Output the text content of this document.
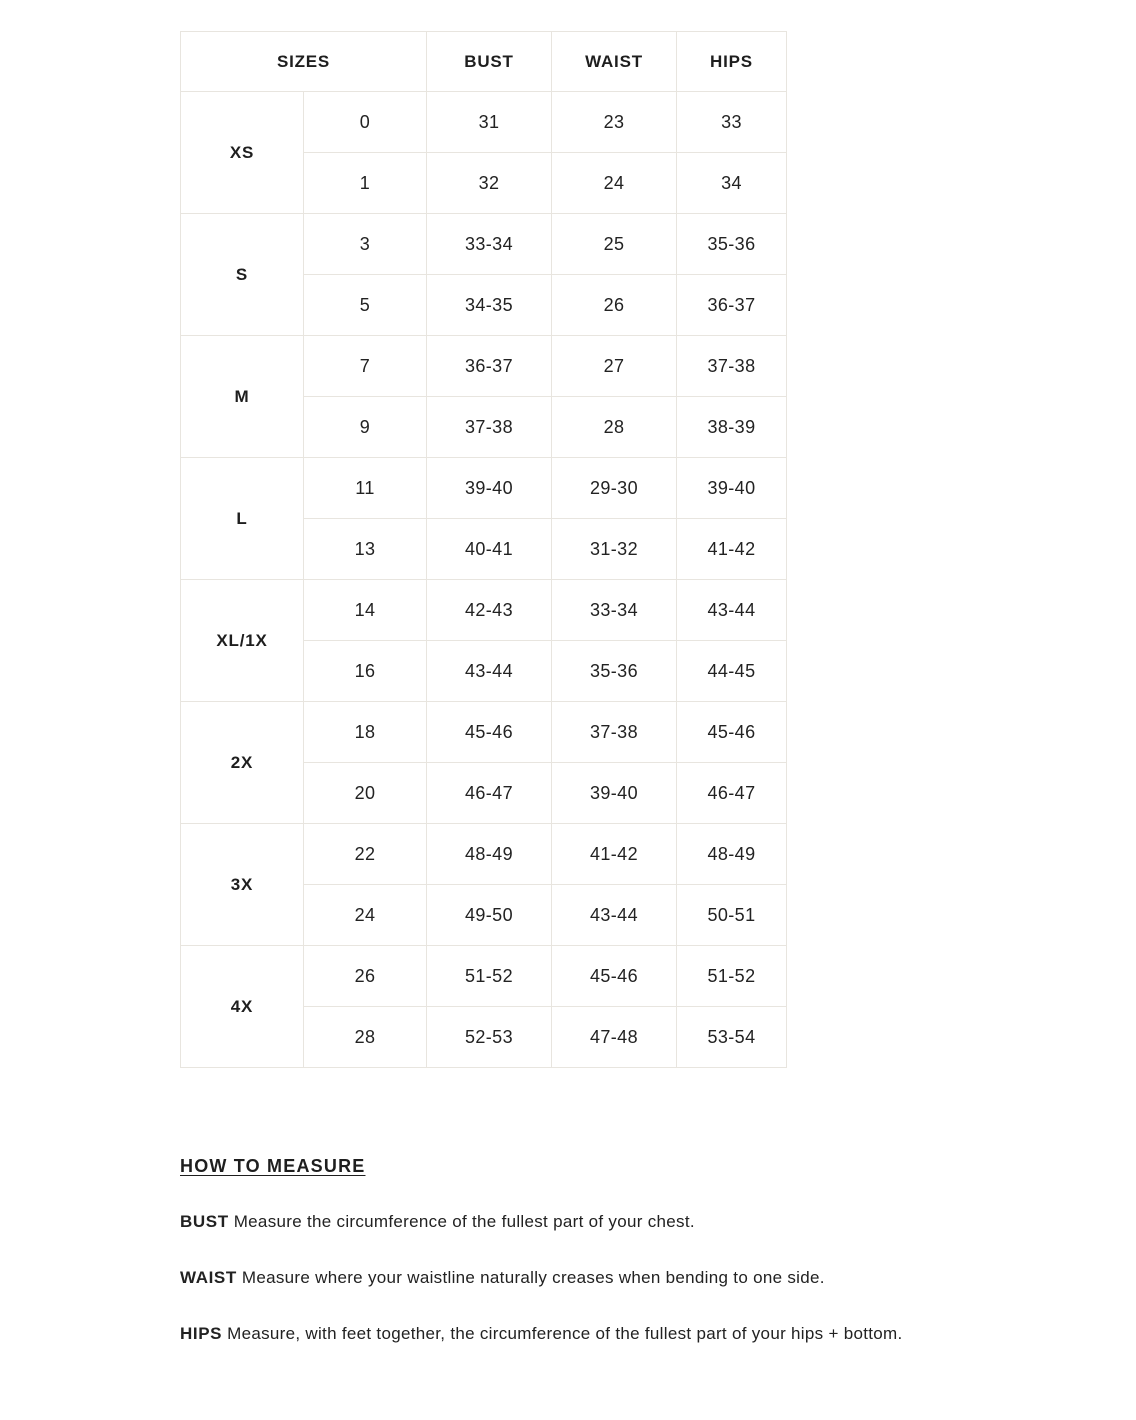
SIZES		BUST	WAIST	HIPS
XS	0	31	23	33
	1	32	24	34
S	3	33-34	25	35-36
	5	34-35	26	36-37
M	7	36-37	27	37-38
	9	37-38	28	38-39
L	11	39-40	29-30	39-40
	13	40-41	31-32	41-42
XL/1X	14	42-43	33-34	43-44
	16	43-44	35-36	44-45
2X	18	45-46	37-38	45-46
	20	46-47	39-40	46-47
3X	22	48-49	41-42	48-49
	24	49-50	43-44	50-51
4X	26	51-52	45-46	51-52
	28	52-53	47-48	53-54
HOW TO MEASURE

BUST Measure the circumference of the fullest part of your chest.

WAIST Measure where your waistline naturally creases when bending to one side.

HIPS Measure, with feet together, the circumference of the fullest part of your hips + bottom.
